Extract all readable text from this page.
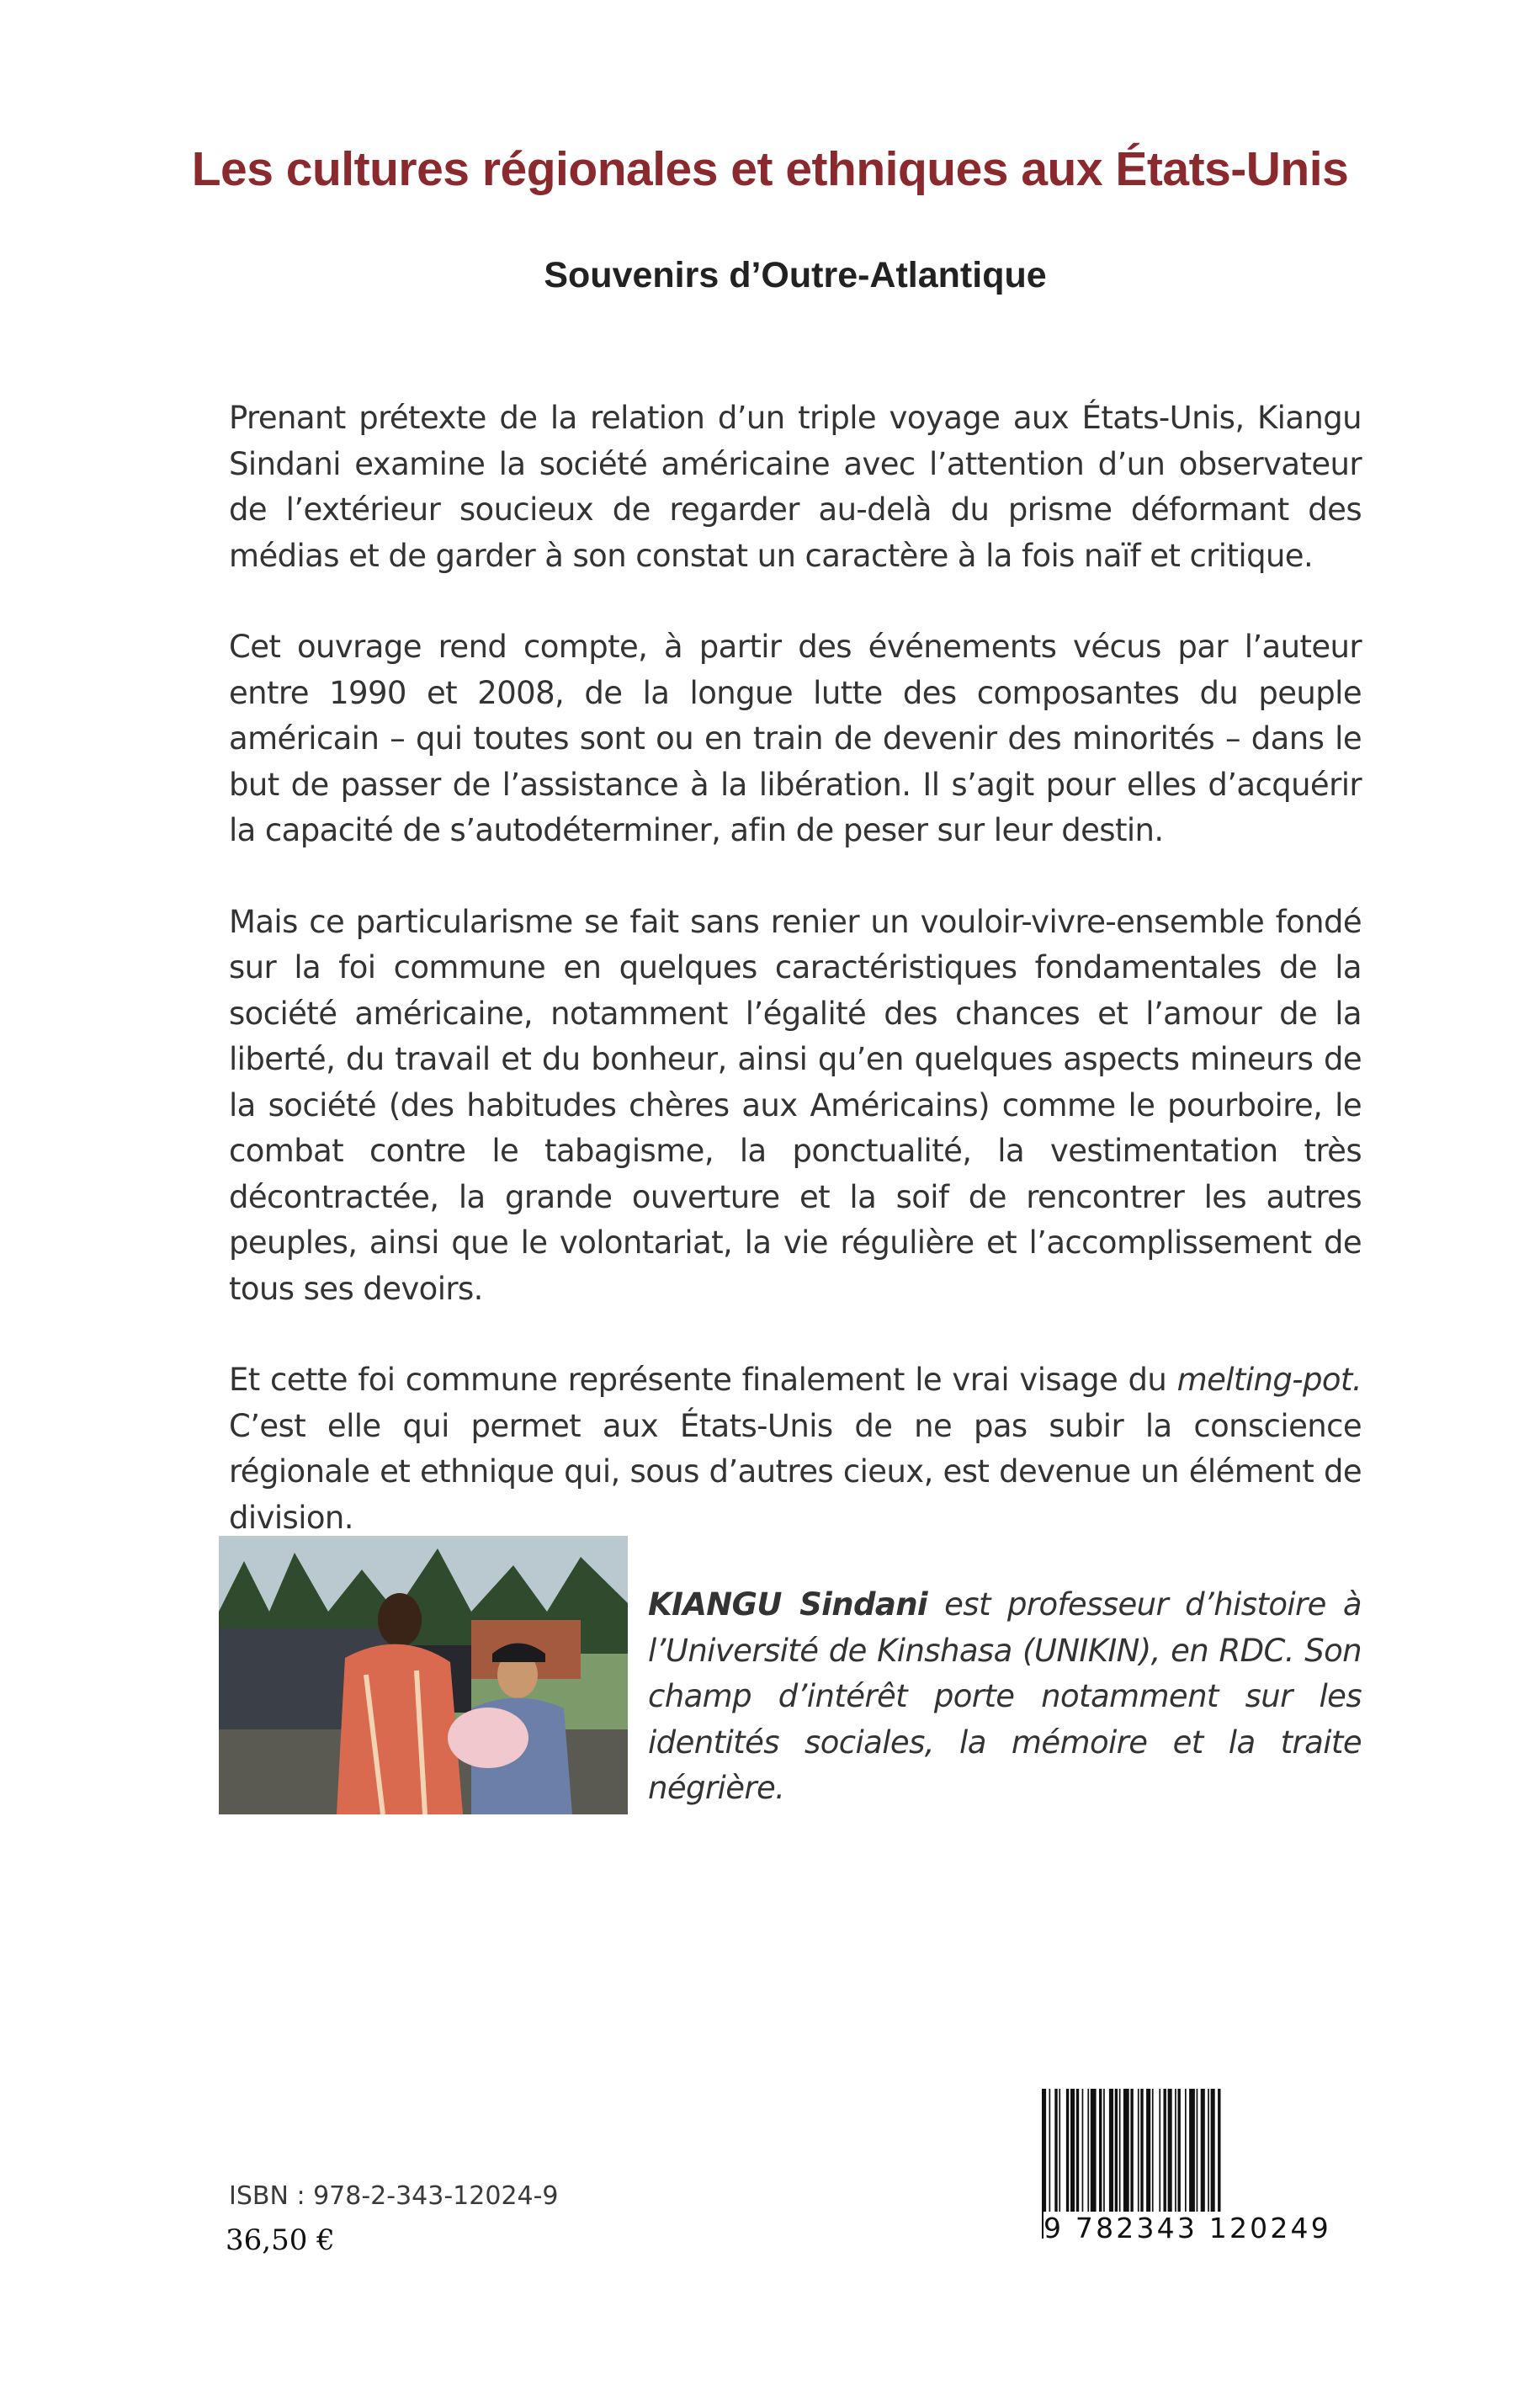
Les cultures régionales et ethniques aux États-Unis
Souvenirs d’Outre-Atlantique

Prenant prétexte de la relation d’un triple voyage aux États-Unis, Kiangu Sindani examine la société américaine avec l’attention d’un observateur de l’extérieur soucieux de regarder au-delà du prisme déformant des médias et de garder à son constat un caractère à la fois naïf et critique.

Cet ouvrage rend compte, à partir des événements vécus par l’auteur entre 1990 et 2008, de la longue lutte des composantes du peuple américain – qui toutes sont ou en train de devenir des minorités – dans le but de passer de l’assistance à la libération. Il s’agit pour elles d’acquérir la capacité de s’autodéterminer, afin de peser sur leur destin.

Mais ce particularisme se fait sans renier un vouloir-vivre-ensemble fondé sur la foi commune en quelques caractéristiques fondamentales de la société américaine, notamment l’égalité des chances et l’amour de la liberté, du travail et du bonheur, ainsi qu’en quelques aspects mineurs de la société (des habitudes chères aux Américains) comme le pourboire, le combat contre le tabagisme, la ponctualité, la vestimentation très décontractée, la grande ouverture et la soif de rencontrer les autres peuples, ainsi que le volontariat, la vie régulière et l’accomplissement de tous ses devoirs.

Et cette foi commune représente finalement le vrai visage du melting-pot. C’est elle qui permet aux États-Unis de ne pas subir la conscience régionale et ethnique qui, sous d’autres cieux, est devenue un élément de division.

KIANGU Sindani est professeur d’histoire à l’Université de Kinshasa (UNIKIN), en RDC. Son champ d’intérêt porte notamment sur les identités sociales, la mémoire et la traite négrière.
ISBN : 978-2-343-12024-9
36,50 €	9 782343 120249
